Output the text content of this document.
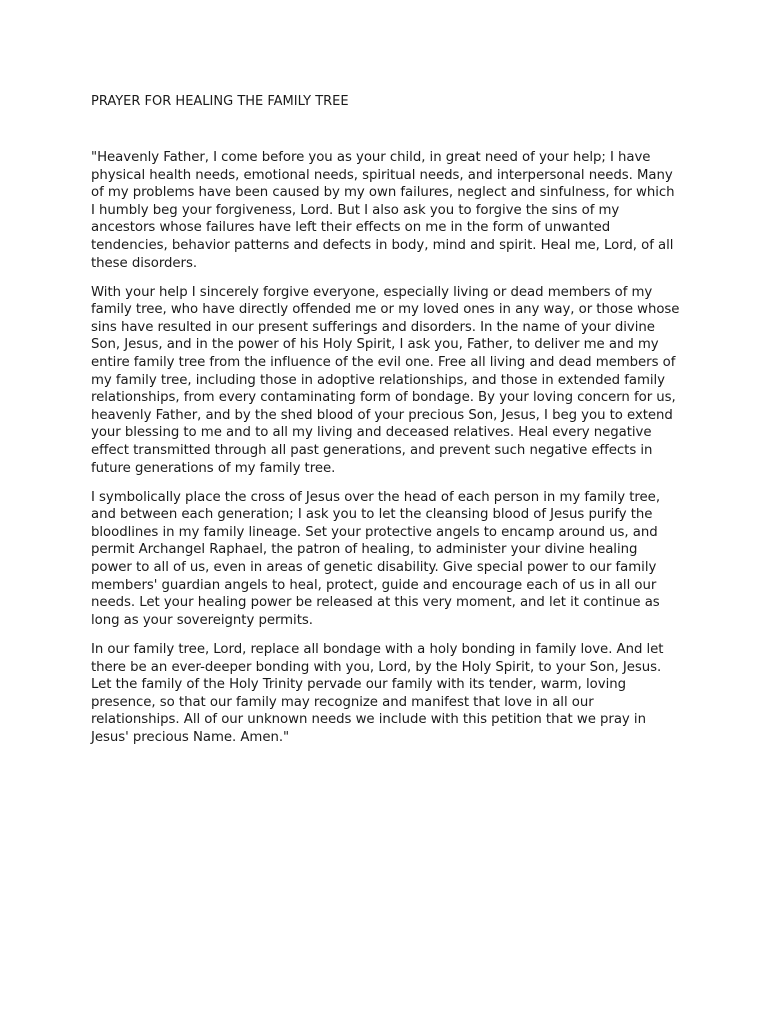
PRAYER FOR HEALING THE FAMILY TREE

"Heavenly Father, I come before you as your child, in great need of your help; I have physical health needs, emotional needs, spiritual needs, and interpersonal needs. Many of my problems have been caused by my own failures, neglect and sinfulness, for which I humbly beg your forgiveness, Lord. But I also ask you to forgive the sins of my ancestors whose failures have left their effects on me in the form of unwanted tendencies, behavior patterns and defects in body, mind and spirit. Heal me, Lord, of all these disorders.

With your help I sincerely forgive everyone, especially living or dead members of my family tree, who have directly offended me or my loved ones in any way, or those whose sins have resulted in our present sufferings and disorders. In the name of your divine Son, Jesus, and in the power of his Holy Spirit, I ask you, Father, to deliver me and my entire family tree from the influence of the evil one. Free all living and dead members of my family tree, including those in adoptive relationships, and those in extended family relationships, from every contaminating form of bondage. By your loving concern for us, heavenly Father, and by the shed blood of your precious Son, Jesus, I beg you to extend your blessing to me and to all my living and deceased relatives. Heal every negative effect transmitted through all past generations, and prevent such negative effects in future generations of my family tree.

I symbolically place the cross of Jesus over the head of each person in my family tree, and between each generation; I ask you to let the cleansing blood of Jesus purify the bloodlines in my family lineage. Set your protective angels to encamp around us, and permit Archangel Raphael, the patron of healing, to administer your divine healing power to all of us, even in areas of genetic disability. Give special power to our family members' guardian angels to heal, protect, guide and encourage each of us in all our needs. Let your healing power be released at this very moment, and let it continue as long as your sovereignty permits.

In our family tree, Lord, replace all bondage with a holy bonding in family love. And let there be an ever-deeper bonding with you, Lord, by the Holy Spirit, to your Son, Jesus. Let the family of the Holy Trinity pervade our family with its tender, warm, loving presence, so that our family may recognize and manifest that love in all our relationships. All of our unknown needs we include with this petition that we pray in Jesus' precious Name. Amen."
